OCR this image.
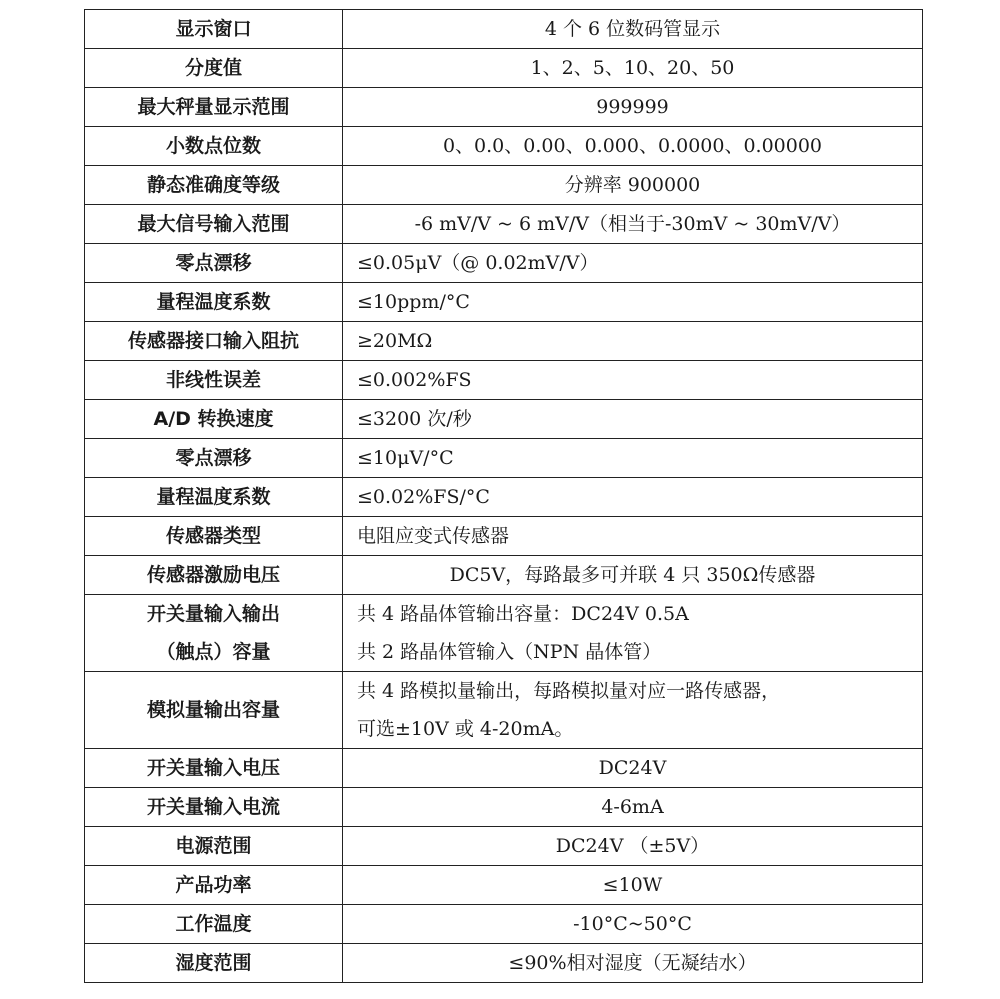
显示窗口	4 个 6 位数码管显示
分度值	1、2、5、10、20、50
最大秤量显示范围	999999
小数点位数	0、0.0、0.00、0.000、0.0000、0.00000
静态准确度等级	分辨率 900000
最大信号输入范围	-6 mV/V ~ 6 mV/V（相当于-30mV ~ 30mV/V）
零点漂移	≤0.05μV（@ 0.02mV/V）
量程温度系数	≤10ppm/°C
传感器接口输入阻抗	≥20MΩ
非线性误差	≤0.002%FS
A/D 转换速度	≤3200 次/秒
零点漂移	≤10μV/°C
量程温度系数	≤0.02%FS/°C
传感器类型	电阻应变式传感器
传感器激励电压	DC5V，每路最多可并联 4 只 350Ω传感器

开关量输入输出
（触点）容量	共 4 路晶体管输出容量：DC24V 0.5A
共 2 路晶体管输入（NPN 晶体管）

模拟量输出容量	共 4 路模拟量输出，每路模拟量对应一路传感器，
可选±10V 或 4-20mA。

开关量输入电压	DC24V
开关量输入电流	4-6mA
电源范围	DC24V （±5V）
产品功率	≤10W
工作温度	-10°C~50°C
湿度范围	≤90%相对湿度（无凝结水）
